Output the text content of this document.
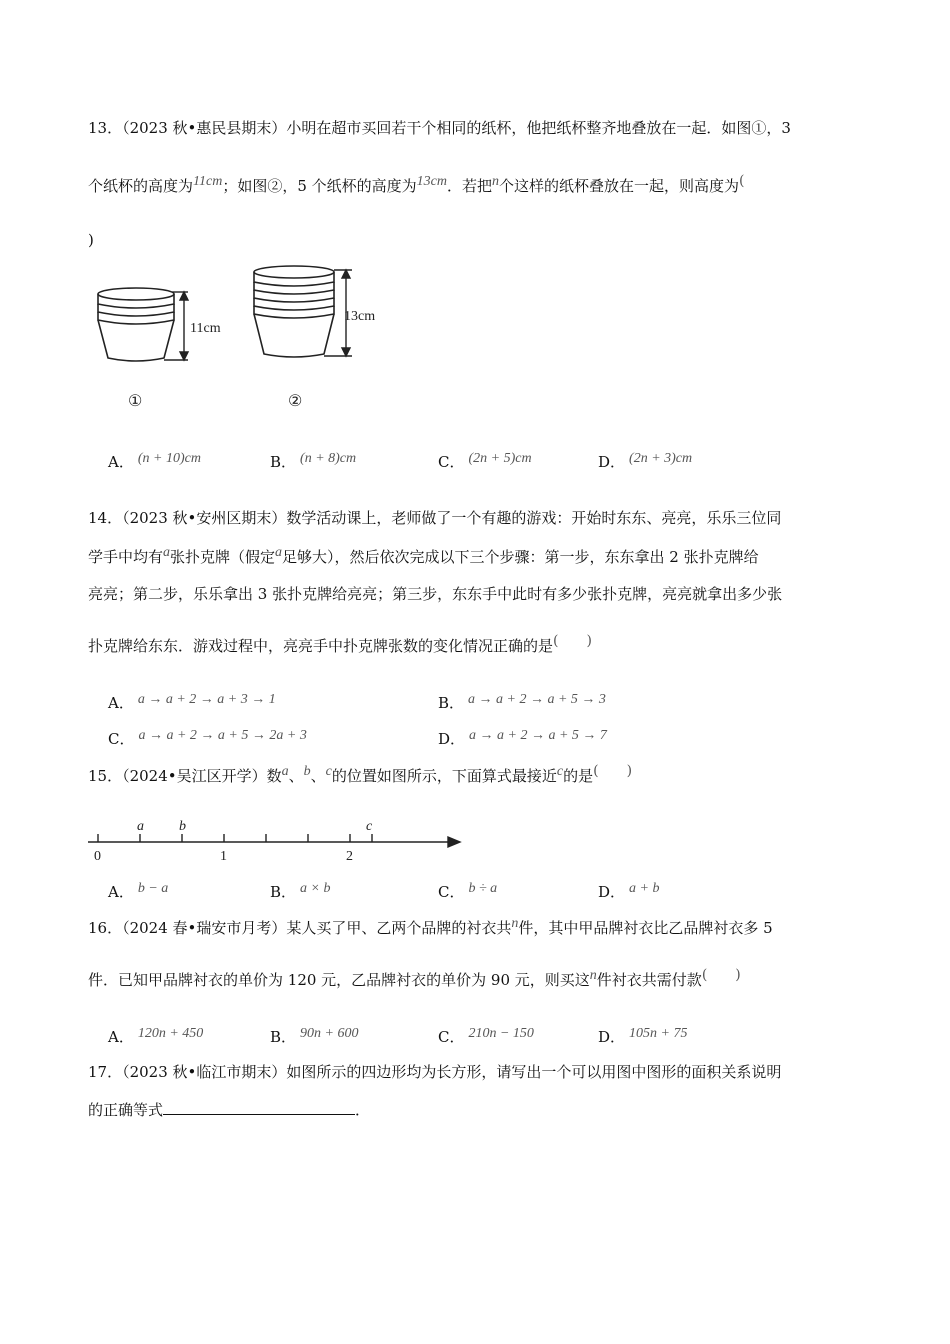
13．（2023 秋•惠民县期末）小明在超市买回若干个相同的纸杯，他把纸杯整齐地叠放在一起．如图①，3
个纸杯的高度为11cm；如图②，5 个纸杯的高度为13cm．若把n个这样的纸杯叠放在一起，则高度为(
)
11cm
13cm
①	②
A． (n + 10)cm	B． (n + 8)cm	C． (2n + 5)cm	D． (2n + 3)cm
14．（2023 秋•安州区期末）数学活动课上，老师做了一个有趣的游戏：开始时东东、亮亮，乐乐三位同
学手中均有a张扑克牌（假定a足够大），然后依次完成以下三个步骤：第一步，东东拿出 2 张扑克牌给
亮亮；第二步，乐乐拿出 3 张扑克牌给亮亮；第三步，东东手中此时有多少张扑克牌，亮亮就拿出多少张
扑克牌给东东．游戏过程中，亮亮手中扑克牌张数的变化情况正确的是(　　)
A． a → a + 2 → a + 3 → 1	B． a → a + 2 → a + 5 → 3
C． a → a + 2 → a + 5 → 2a + 3	D． a → a + 2 → a + 5 → 7
15．（2024•吴江区开学）数a、b、c的位置如图所示，下面算式最接近c的是(　　)
a	b	c
0	1	2
A． b − a	B． a × b	C． b ÷ a	D． a + b
16．（2024 春•瑞安市月考）某人买了甲、乙两个品牌的衬衣共n件，其中甲品牌衬衣比乙品牌衬衣多 5
件．已知甲品牌衬衣的单价为 120 元，乙品牌衬衣的单价为 90 元，则买这n件衬衣共需付款(　　)
A． 120n + 450	B． 90n + 600	C． 210n − 150	D． 105n + 75
17．（2023 秋•临江市期末）如图所示的四边形均为长方形，请写出一个可以用图中图形的面积关系说明
的正确等式	．
